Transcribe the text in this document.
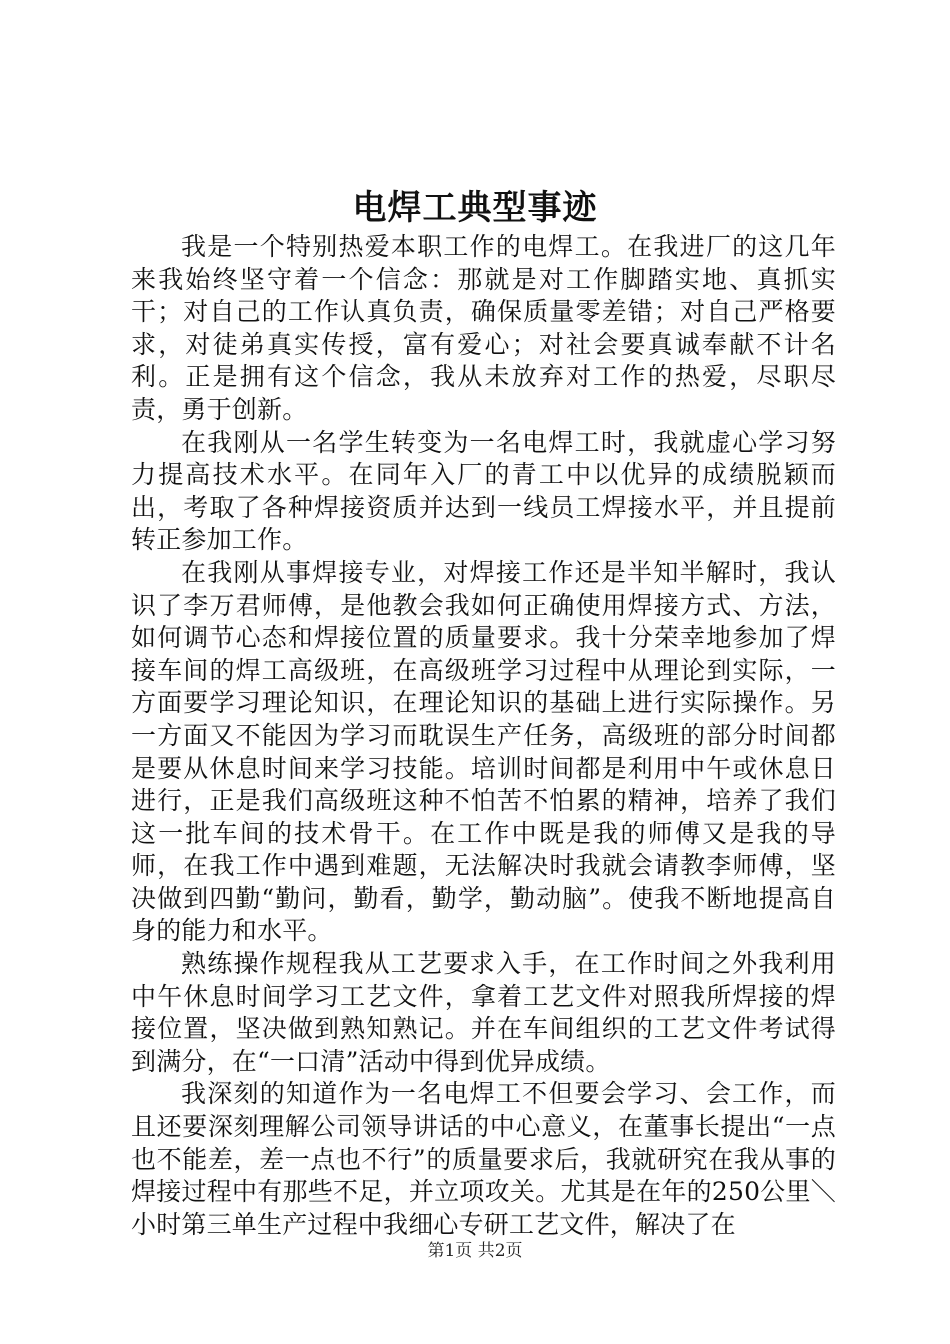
电焊工典型事迹

我是一个特别热爱本职工作的电焊工。在我进厂的这几年来我始终坚守着一个信念：那就是对工作脚踏实地、真抓实干；对自己的工作认真负责，确保质量零差错；对自己严格要求，对徒弟真实传授，富有爱心；对社会要真诚奉献不计名利。正是拥有这个信念，我从未放弃对工作的热爱，尽职尽责，勇于创新。

在我刚从一名学生转变为一名电焊工时，我就虚心学习努力提高技术水平。在同年入厂的青工中以优异的成绩脱颖而出，考取了各种焊接资质并达到一线员工焊接水平，并且提前转正参加工作。

在我刚从事焊接专业，对焊接工作还是半知半解时，我认识了李万君师傅，是他教会我如何正确使用焊接方式、方法，如何调节心态和焊接位置的质量要求。我十分荣幸地参加了焊接车间的焊工高级班，在高级班学习过程中从理论到实际，一方面要学习理论知识，在理论知识的基础上进行实际操作。另一方面又不能因为学习而耽误生产任务，高级班的部分时间都是要从休息时间来学习技能。培训时间都是利用中午或休息日进行，正是我们高级班这种不怕苦不怕累的精神，培养了我们这一批车间的技术骨干。在工作中既是我的师傅又是我的导师，在我工作中遇到难题，无法解决时我就会请教李师傅，坚决做到四勤“勤问，勤看，勤学，勤动脑”。使我不断地提高自身的能力和水平。

熟练操作规程我从工艺要求入手，在工作时间之外我利用中午休息时间学习工艺文件，拿着工艺文件对照我所焊接的焊接位置，坚决做到熟知熟记。并在车间组织的工艺文件考试得到满分，在“一口清”活动中得到优异成绩。

我深刻的知道作为一名电焊工不但要会学习、会工作，而且还要深刻理解公司领导讲话的中心意义，在董事长提出“一点也不能差，差一点也不行”的质量要求后，我就研究在我从事的焊接过程中有那些不足，并立项攻关。尤其是在年的250公里＼小时第三单生产过程中我细心专研工艺文件，解决了在

第1页 共2页
